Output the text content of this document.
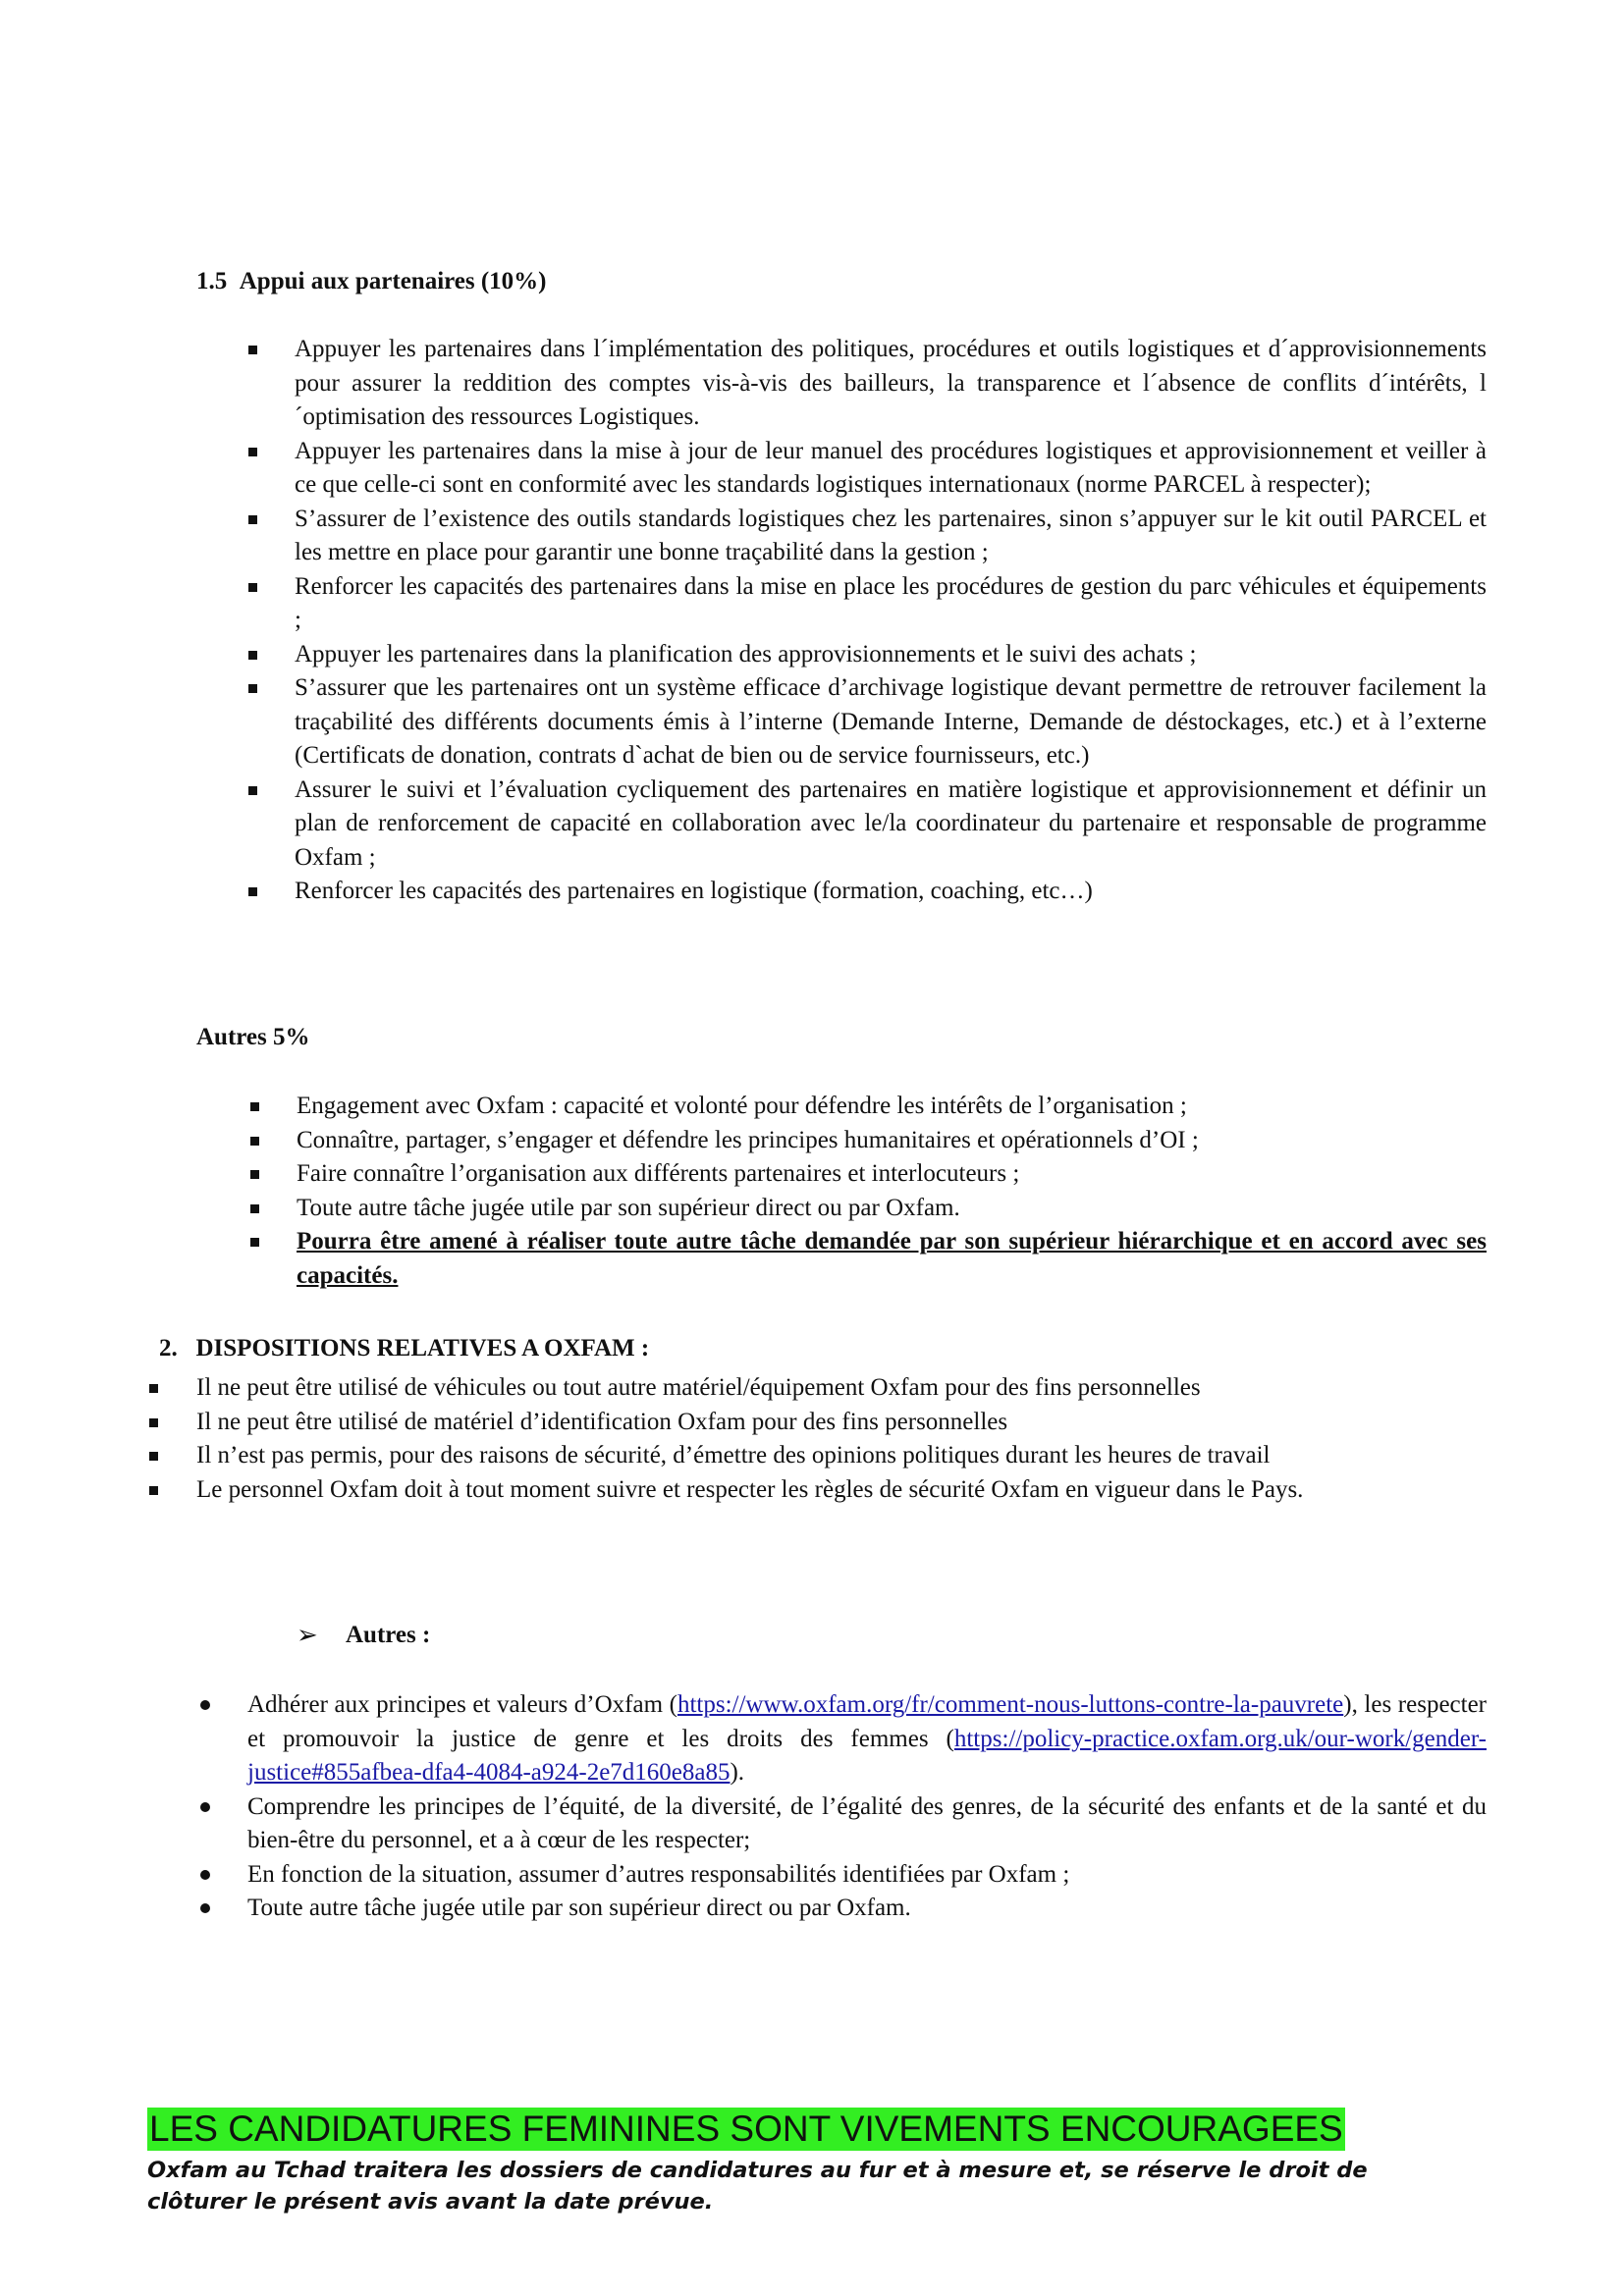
1.5 Appui aux partenaires (10%)
Appuyer les partenaires dans l´implémentation des politiques, procédures et outils logistiques et d´approvisionnements pour assurer la reddition des comptes vis-à-vis des bailleurs, la transparence et l´absence de conflits d´intérêts, l´optimisation des ressources Logistiques.
Appuyer les partenaires dans la mise à jour de leur manuel des procédures logistiques et approvisionnement et veiller à ce que celle-ci sont en conformité avec les standards logistiques internationaux (norme PARCEL à respecter);
S’assurer de l’existence des outils standards logistiques chez les partenaires, sinon s’appuyer sur le kit outil PARCEL et les mettre en place pour garantir une bonne traçabilité dans la gestion ;
Renforcer les capacités des partenaires dans la mise en place les procédures de gestion du parc véhicules et équipements ;
Appuyer les partenaires dans la planification des approvisionnements et le suivi des achats ;
S’assurer que les partenaires ont un système efficace d’archivage logistique devant permettre de retrouver facilement la traçabilité des différents documents émis à l’interne (Demande Interne, Demande de déstockages, etc.) et à l’externe (Certificats de donation, contrats d`achat de bien ou de service fournisseurs, etc.)
Assurer le suivi et l’évaluation cycliquement des partenaires en matière logistique et approvisionnement et définir un plan de renforcement de capacité en collaboration avec le/la coordinateur du partenaire et responsable de programme Oxfam ;
Renforcer les capacités des partenaires en logistique (formation, coaching, etc…)
Autres 5%
Engagement avec Oxfam : capacité et volonté pour défendre les intérêts de l’organisation ;
Connaître, partager, s’engager et défendre les principes humanitaires et opérationnels d’OI ;
Faire connaître l’organisation aux différents partenaires et interlocuteurs ;
Toute autre tâche jugée utile par son supérieur direct ou par Oxfam.
Pourra être amené à réaliser toute autre tâche demandée par son supérieur hiérarchique et en accord avec ses capacités.
2. DISPOSITIONS RELATIVES A OXFAM :
Il ne peut être utilisé de véhicules ou tout autre matériel/équipement Oxfam pour des fins personnelles
Il ne peut être utilisé de matériel d’identification Oxfam pour des fins personnelles
Il n’est pas permis, pour des raisons de sécurité, d’émettre des opinions politiques durant les heures de travail
Le personnel Oxfam doit à tout moment suivre et respecter les règles de sécurité Oxfam en vigueur dans le Pays.
➢ Autres :
Adhérer aux principes et valeurs d’Oxfam (https://www.oxfam.org/fr/comment-nous-luttons-contre-la-pauvrete), les respecter et promouvoir la justice de genre et les droits des femmes (https://policy-practice.oxfam.org.uk/our-work/gender-justice#855afbea-dfa4-4084-a924-2e7d160e8a85).
Comprendre les principes de l’équité, de la diversité, de l’égalité des genres, de la sécurité des enfants et de la santé et du bien-être du personnel, et a à cœur de les respecter;
En fonction de la situation, assumer d’autres responsabilités identifiées par Oxfam ;
Toute autre tâche jugée utile par son supérieur direct ou par Oxfam.
LES CANDIDATURES FEMININES SONT VIVEMENTS ENCOURAGEES
Oxfam au Tchad traitera les dossiers de candidatures au fur et à mesure et, se réserve le droit de clôturer le présent avis avant la date prévue.
